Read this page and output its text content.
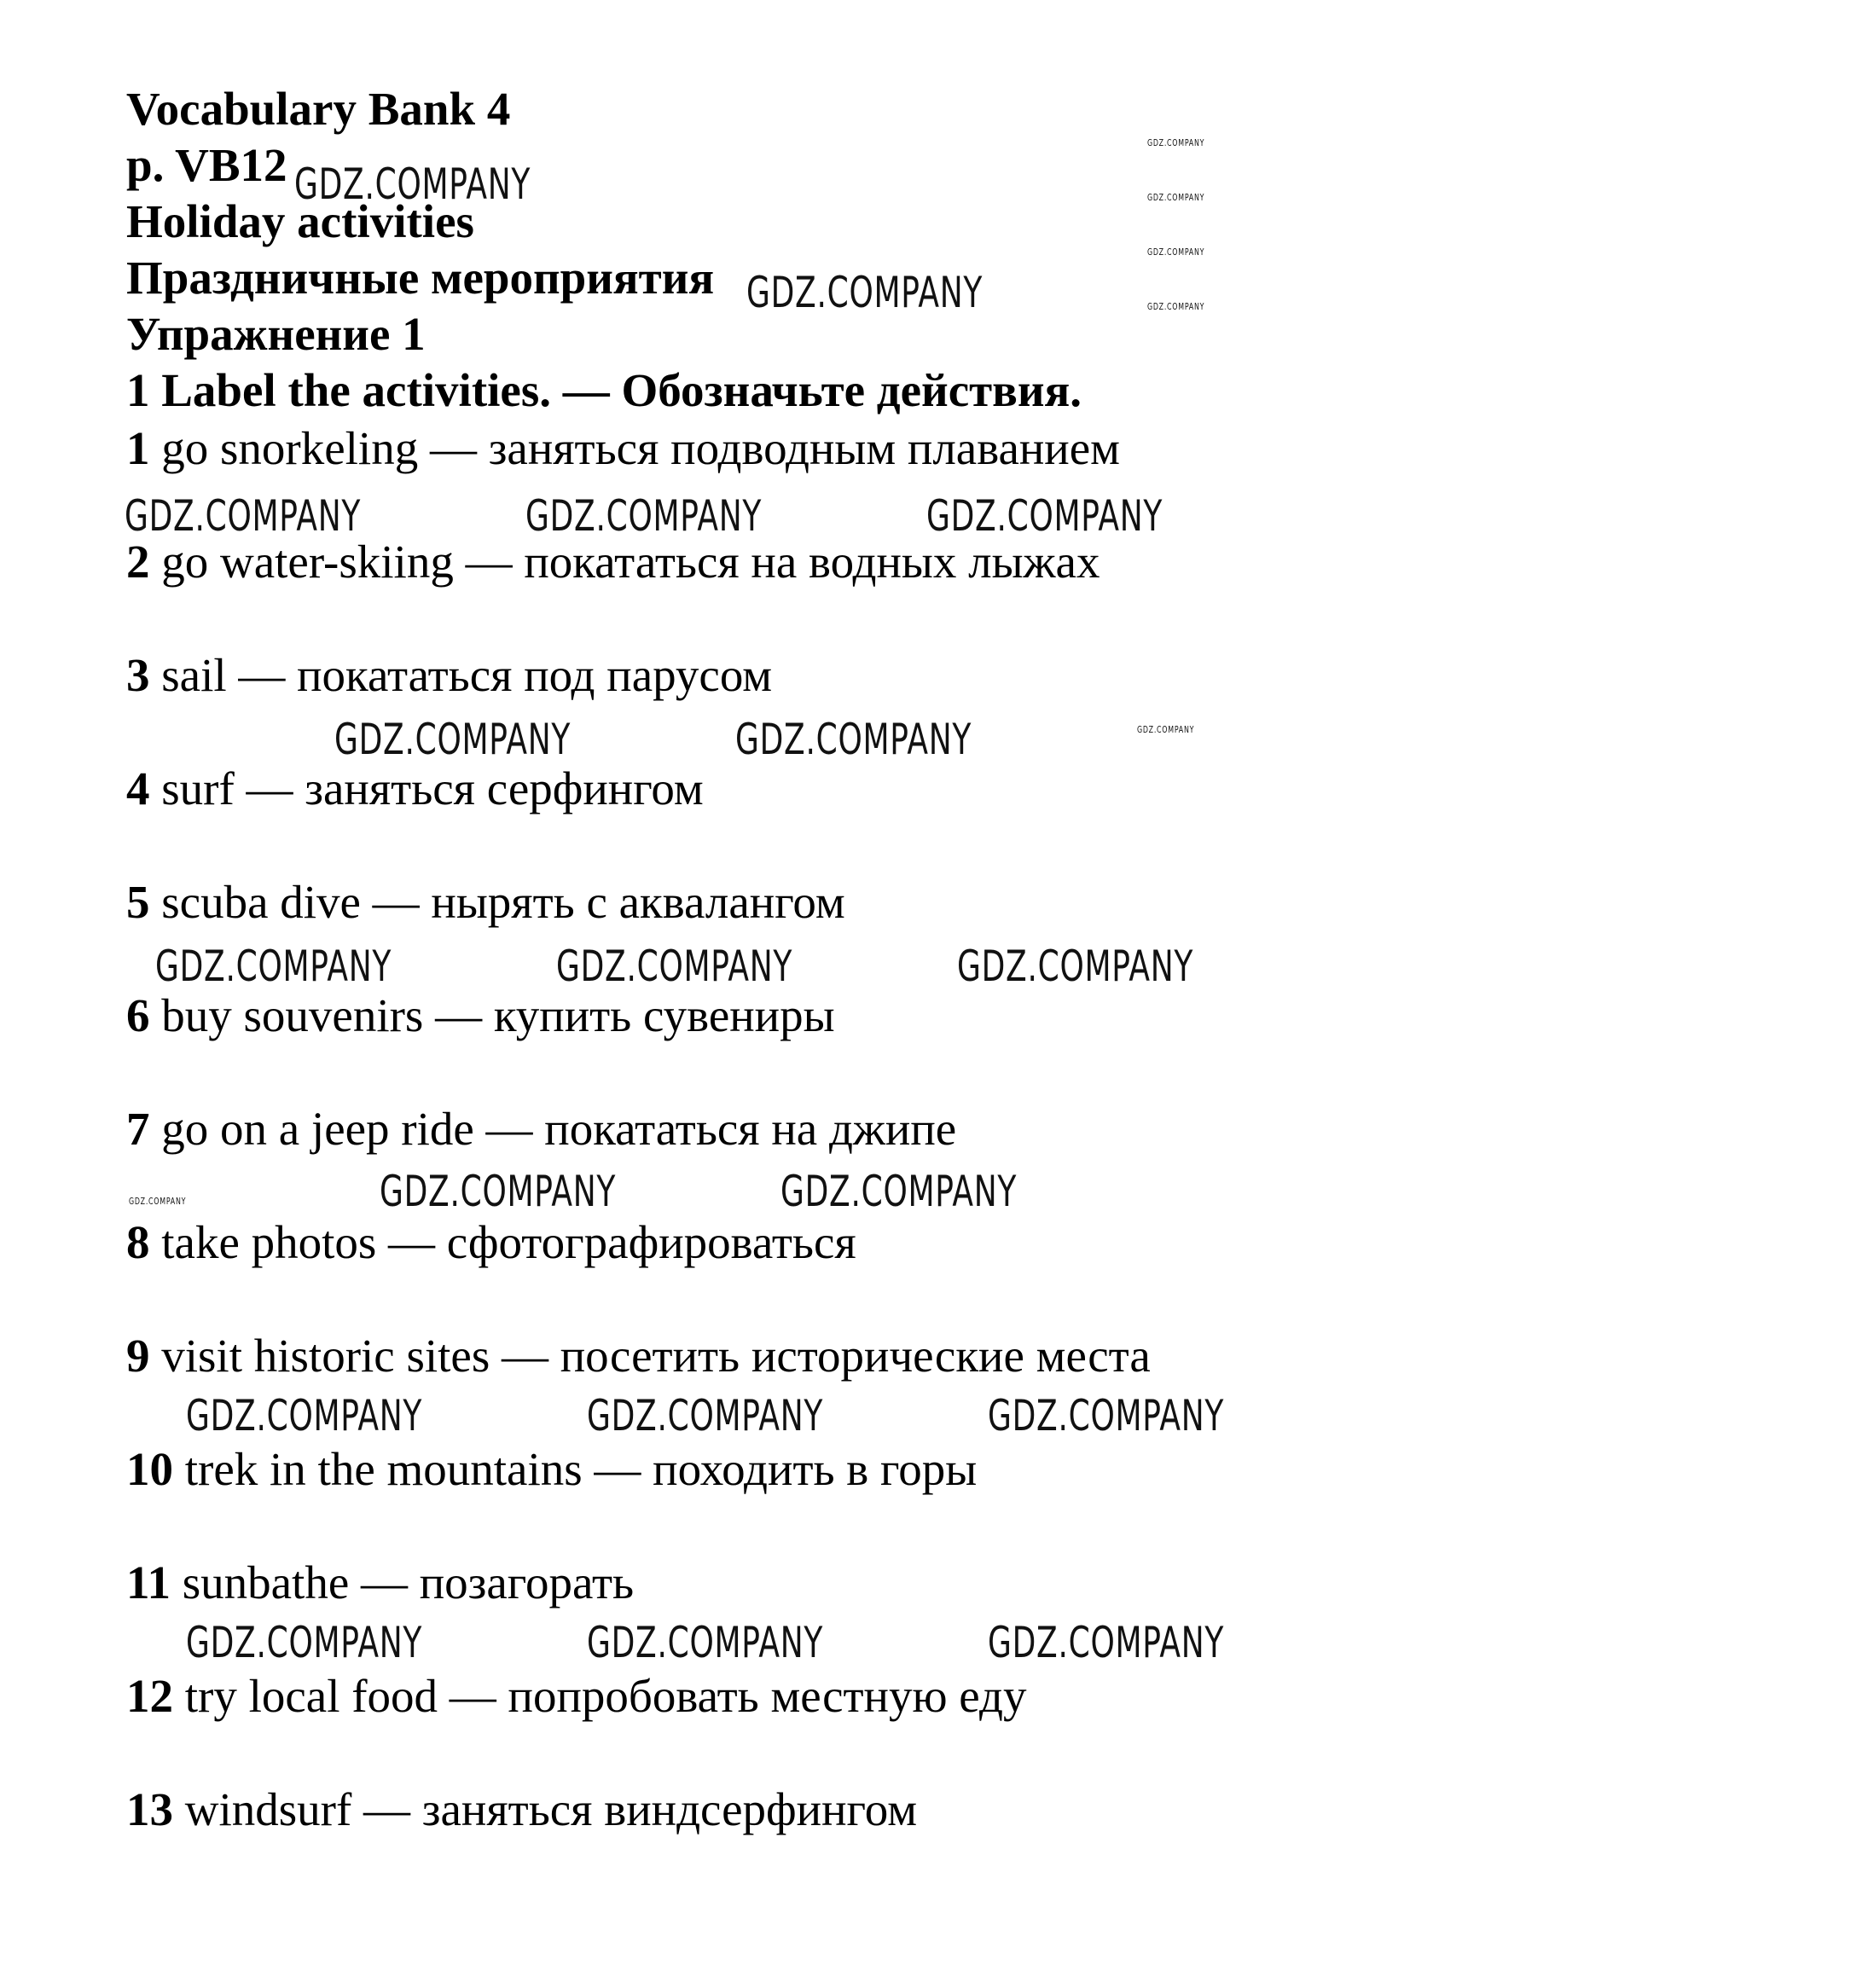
Vocabulary Bank 4
p. VB12
Holiday activities
Праздничные мероприятия
Упражнение 1
1 Label the activities. — Обозначьте действия.
1 go snorkeling — заняться подводным плаванием
2 go water-skiing — покататься на водных лыжах
3 sail — покататься под парусом
4 surf — заняться серфингом
5 scuba dive — нырять с аквалангом
6 buy souvenirs — купить сувениры
7 go on a jeep ride — покататься на джипе
8 take photos — сфотографироваться
9 visit historic sites — посетить исторические места
10 trek in the mountains — походить в горы
11 sunbathe — позагорать
12 try local food — попробовать местную еду
13 windsurf — заняться виндсерфингом
GDZ.COMPANY
GDZ.COMPANY
GDZ.COMPANY	GDZ.COMPANY	GDZ.COMPANY
GDZ.COMPANY	GDZ.COMPANY
GDZ.COMPANY	GDZ.COMPANY	GDZ.COMPANY
GDZ.COMPANY	GDZ.COMPANY
GDZ.COMPANY	GDZ.COMPANY	GDZ.COMPANY
GDZ.COMPANY	GDZ.COMPANY	GDZ.COMPANY
GDZ.COMPANY
GDZ.COMPANY
GDZ.COMPANY
GDZ.COMPANY
GDZ.COMPANY
GDZ.COMPANY
